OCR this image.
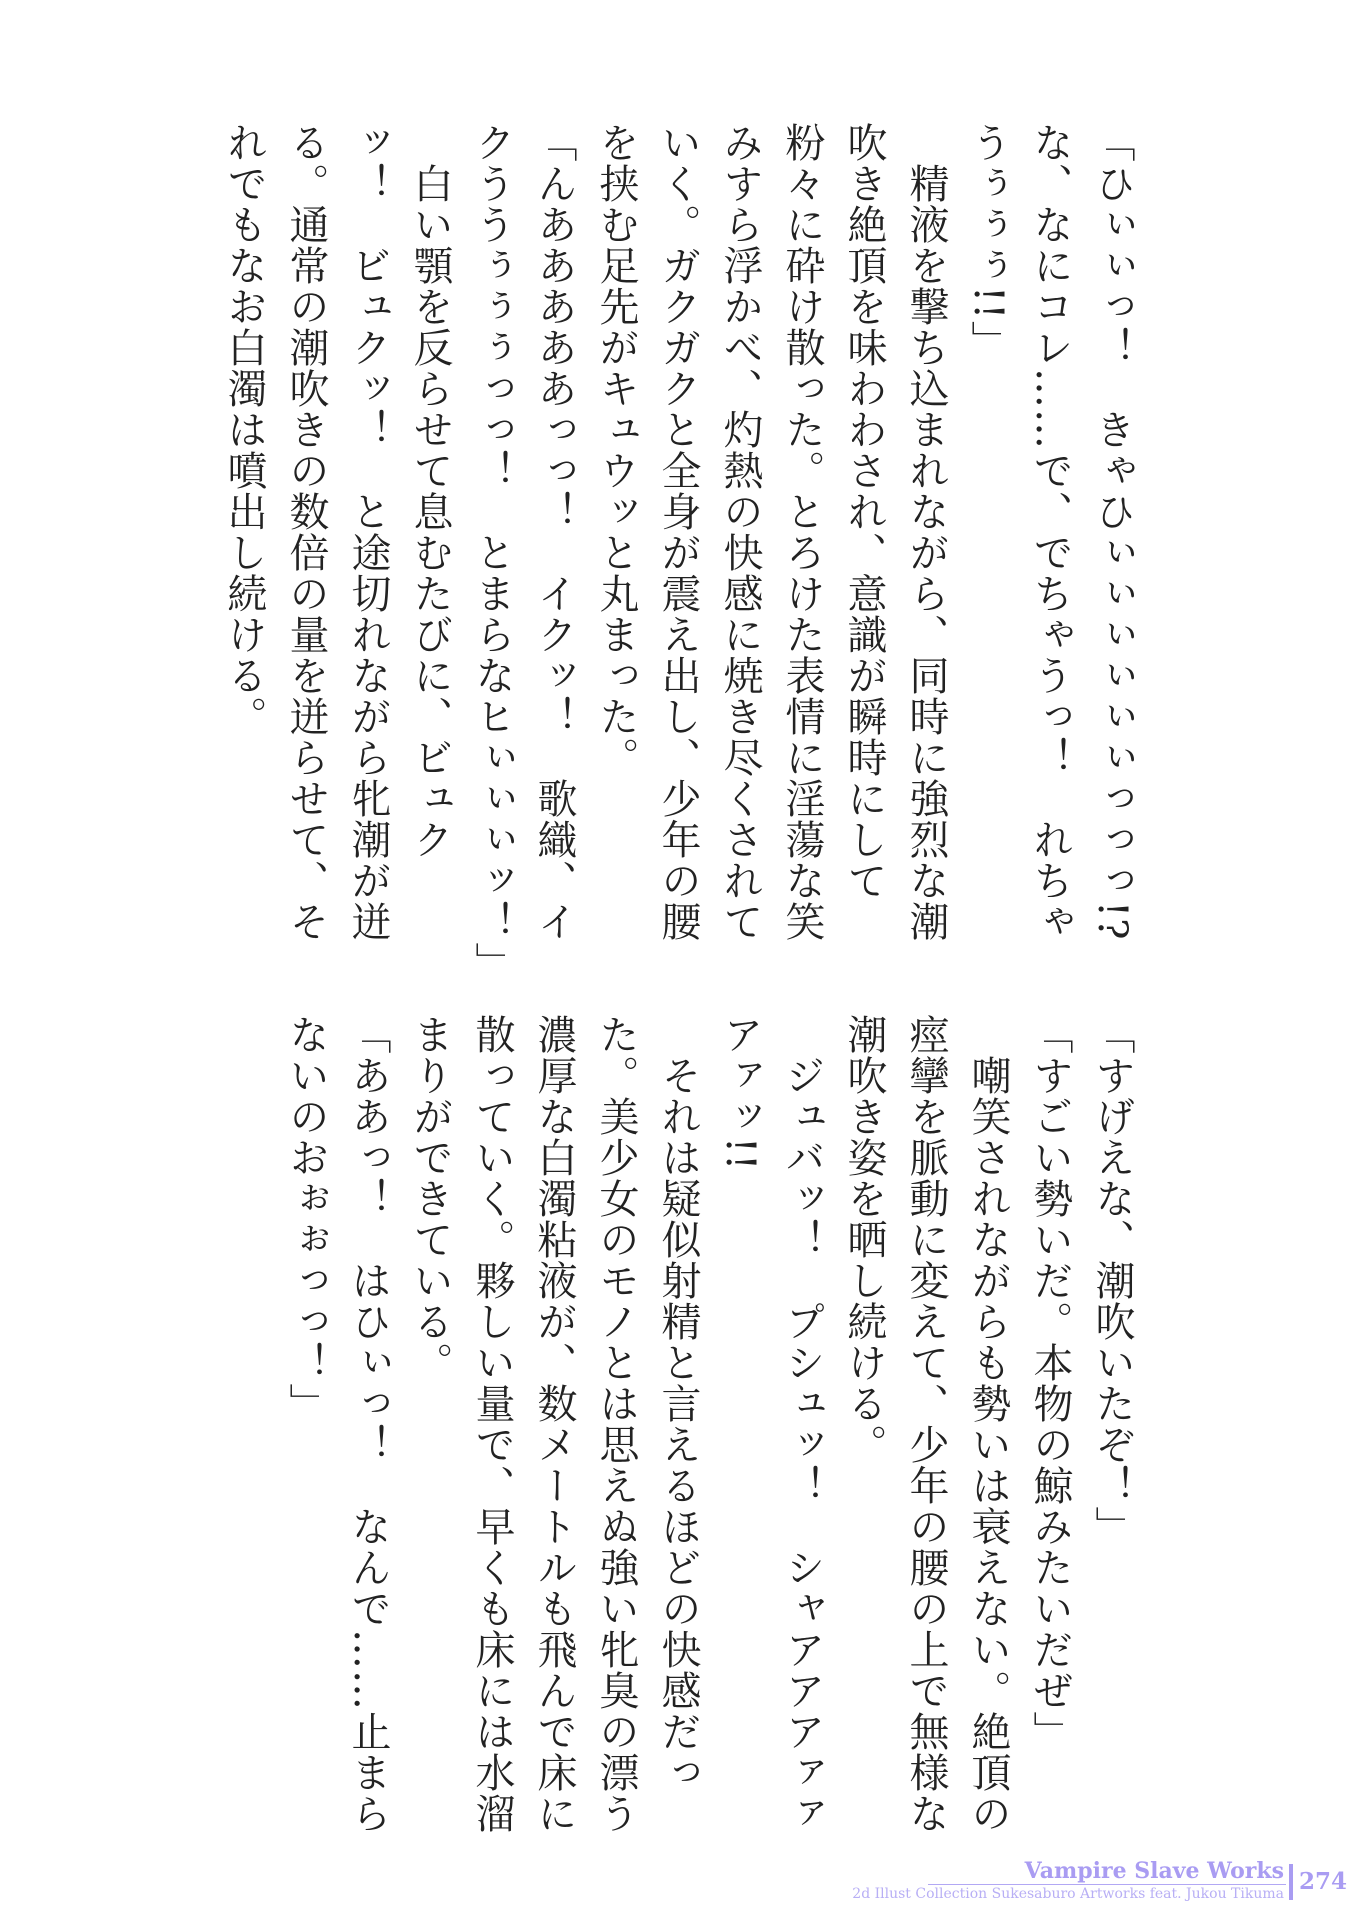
「ひぃぃっ！　きゃひぃぃぃぃぃぃっっっ!?
な、なにコレ……で、でちゃうっ！　れちゃ
うぅぅぅ!!」
　精液を撃ち込まれながら、同時に強烈な潮
吹き絶頂を味わわされ、意識が瞬時にして
粉々に砕け散った。とろけた表情に淫蕩な笑
みすら浮かべ、灼熱の快感に焼き尽くされて
いく。ガクガクと全身が震え出し、少年の腰
を挟む足先がキュウッと丸まった。
「んあああああっっ！　イクッ！　歌織、イ
クううぅぅぅっっ！　とまらなヒぃぃぃッ！」
　白い顎を反らせて息むたびに、ビュク
ッ！　ビュクッ！　と途切れながら牝潮が迸
る。通常の潮吹きの数倍の量を迸らせて、そ
れでもなお白濁は噴出し続ける。
「すげえな、潮吹いたぞ！」
「すごい勢いだ。本物の鯨みたいだぜ」
　嘲笑されながらも勢いは衰えない。絶頂の
痙攣を脈動に変えて、少年の腰の上で無様な
潮吹き姿を晒し続ける。
　ジュバッ！　プシュッ！　シャアアアァァ
アァッ!!
　それは疑似射精と言えるほどの快感だっ
た。美少女のモノとは思えぬ強い牝臭の漂う
濃厚な白濁粘液が、数メートルも飛んで床に
散っていく。夥しい量で、早くも床には水溜
まりができている。
「ああっ！　はひぃっ！　なんで……止まら
ないのおぉぉっっ！」
Vampire Slave Works
2d Illust Collection Sukesaburo Artworks feat. Jukou Tikuma 274
